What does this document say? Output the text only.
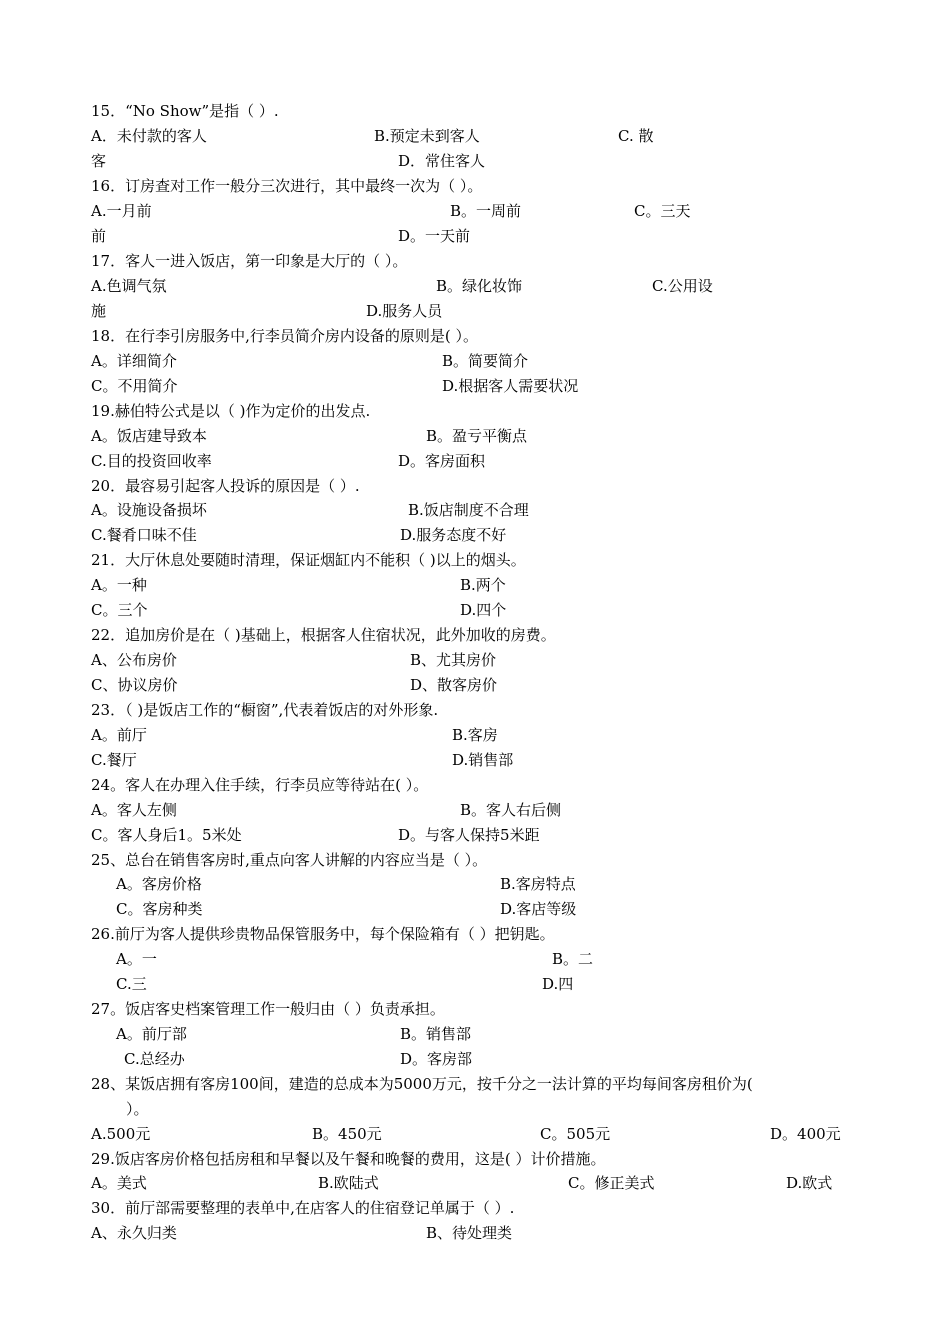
15．“No Show”是指（ ）.
A．未付款的客人	B.预定未到客人	C. 散
客	D．常住客人
16．订房查对工作一般分三次进行，其中最终一次为（ ）。
A.一月前	B。一周前	C。三天
前	D。一天前
17．客人一进入饭店，第一印象是大厅的（ ）。
A.色调气氛	B。绿化妆饰	C.公用设
施	D.服务人员
18．在行李引房服务中,行李员简介房内设备的原则是( ）。
A。详细简介	B。简要简介
C。不用简介	D.根据客人需要状况
19.赫伯特公式是以（ )作为定价的出发点.
A。饭店建导致本	B。盈亏平衡点
C.目的投资回收率	D。客房面积
20．最容易引起客人投诉的原因是（ ）.
A。设施设备损坏	B.饭店制度不合理
C.餐肴口味不佳	D.服务态度不好
21．大厅休息处要随时清理，保证烟缸内不能积（ )以上的烟头。
A。一种	B.两个
C。三个	D.四个
22．追加房价是在（ )基础上，根据客人住宿状况，此外加收的房费。
A、公布房价	B、尤其房价
C、协议房价	D、散客房价
23．（ )是饭店工作的“橱窗”,代表着饭店的对外形象.
A。前厅	B.客房
C.餐厅	D.销售部
24。客人在办理入住手续，行李员应等待站在( ）。
A。客人左侧	B。客人右后侧
C。客人身后1。5米处	D。与客人保持5米距
25、总台在销售客房时,重点向客人讲解的内容应当是（ ）。
A。客房价格	B.客房特点
C。客房种类	D.客店等级
26.前厅为客人提供珍贵物品保管服务中，每个保险箱有（ ）把钥匙。
A。一	B。二
C.三	D.四
27。饭店客史档案管理工作一般归由（ ）负责承担。
A。前厅部	B。销售部
C.总经办	D。客房部
28、某饭店拥有客房100间，建造的总成本为5000万元，按千分之一法计算的平均每间客房租价为(
）。
A.500元	B。450元	C。505元	D。400元
29.饭店客房价格包括房租和早餐以及午餐和晚餐的费用，这是( ）计价措施。
A。美式	B.欧陆式	C。修正美式	D.欧式
30．前厅部需要整理的表单中,在店客人的住宿登记单属于（ ）.
A、永久归类	B、待处理类
